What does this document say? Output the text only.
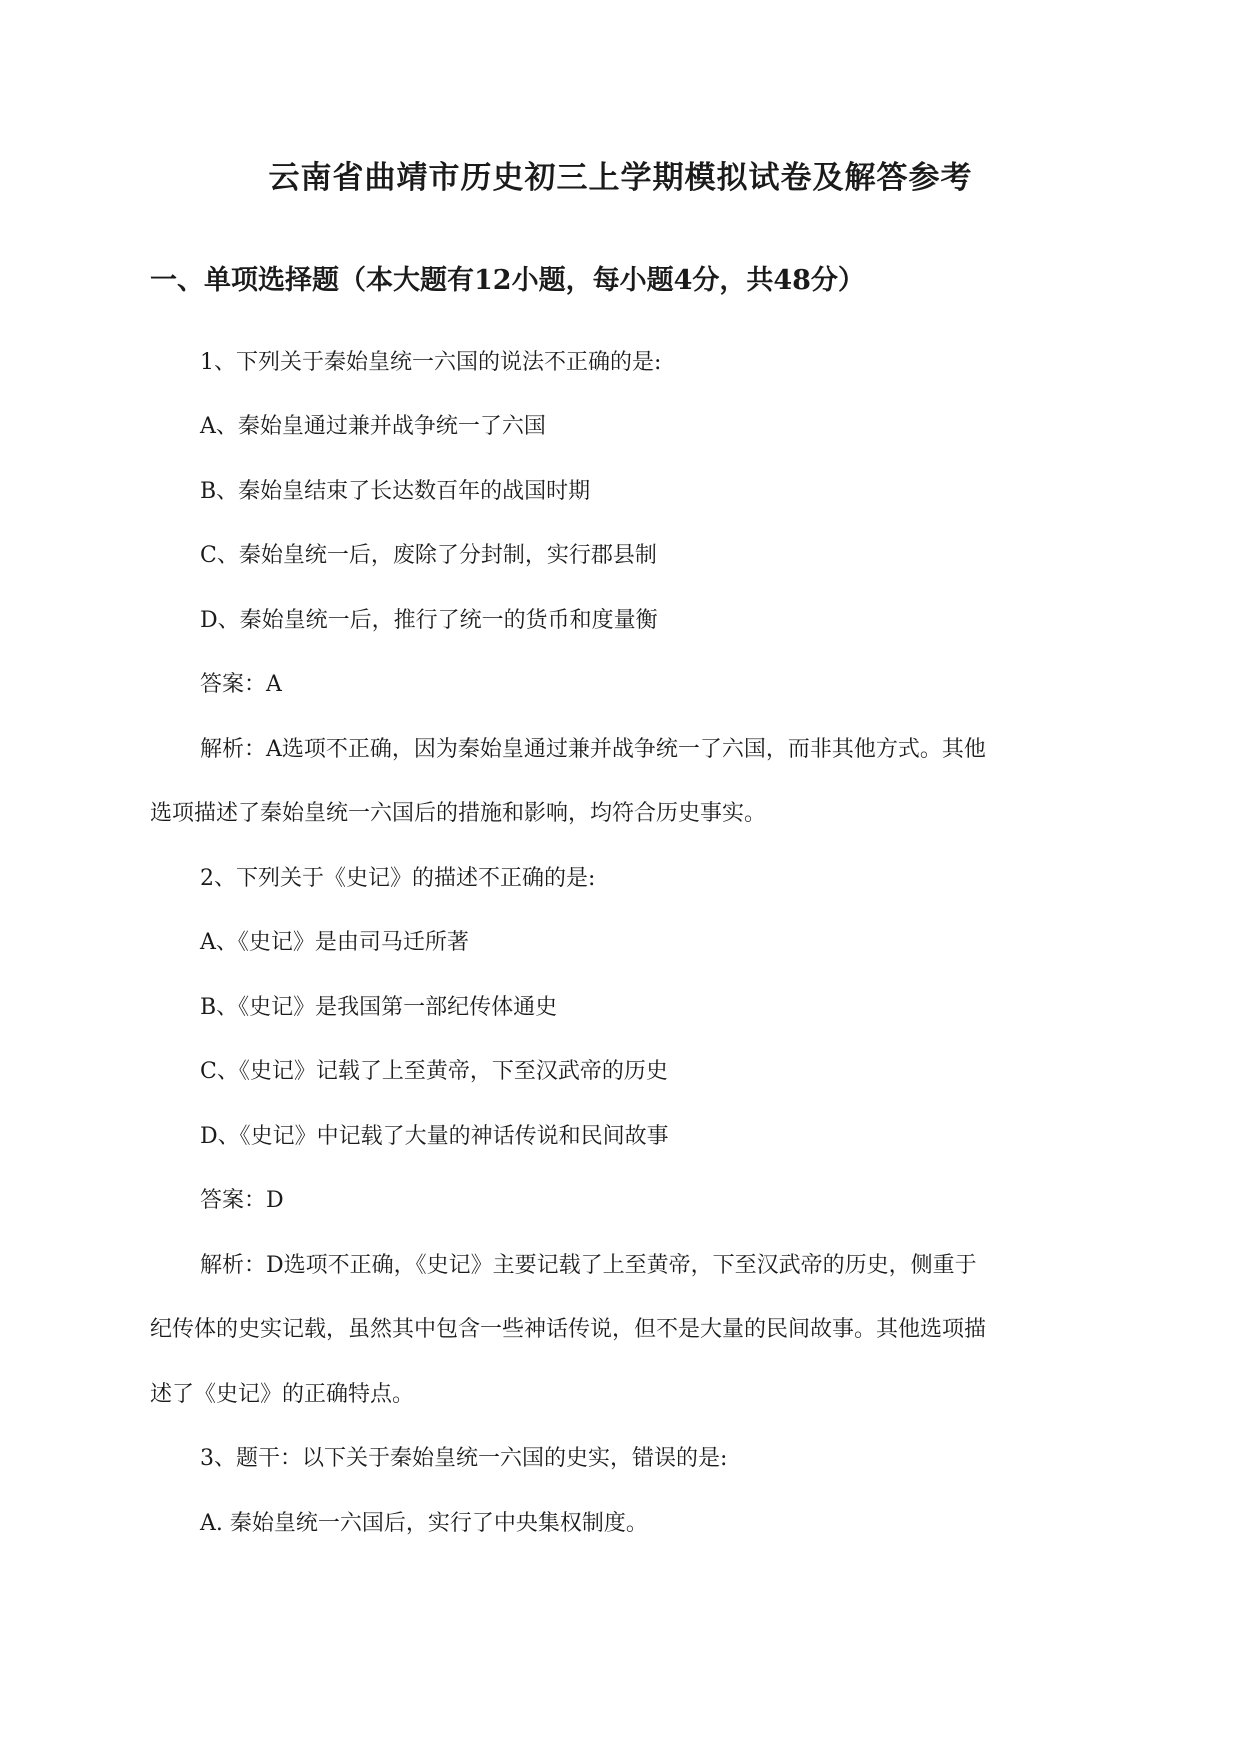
云南省曲靖市历史初三上学期模拟试卷及解答参考
一、单项选择题（本大题有12小题，每小题4分，共48分）
1、下列关于秦始皇统一六国的说法不正确的是:
A、秦始皇通过兼并战争统一了六国
B、秦始皇结束了长达数百年的战国时期
C、秦始皇统一后，废除了分封制，实行郡县制
D、秦始皇统一后，推行了统一的货币和度量衡
答案：A
解析：A选项不正确，因为秦始皇通过兼并战争统一了六国，而非其他方式。其他
选项描述了秦始皇统一六国后的措施和影响，均符合历史事实。
2、下列关于《史记》的描述不正确的是:
A、《史记》是由司马迁所著
B、《史记》是我国第一部纪传体通史
C、《史记》记载了上至黄帝，下至汉武帝的历史
D、《史记》中记载了大量的神话传说和民间故事
答案：D
解析：D选项不正确，《史记》主要记载了上至黄帝，下至汉武帝的历史，侧重于
纪传体的史实记载，虽然其中包含一些神话传说，但不是大量的民间故事。其他选项描
述了《史记》的正确特点。
3、题干：以下关于秦始皇统一六国的史实，错误的是:
A. 秦始皇统一六国后，实行了中央集权制度。
